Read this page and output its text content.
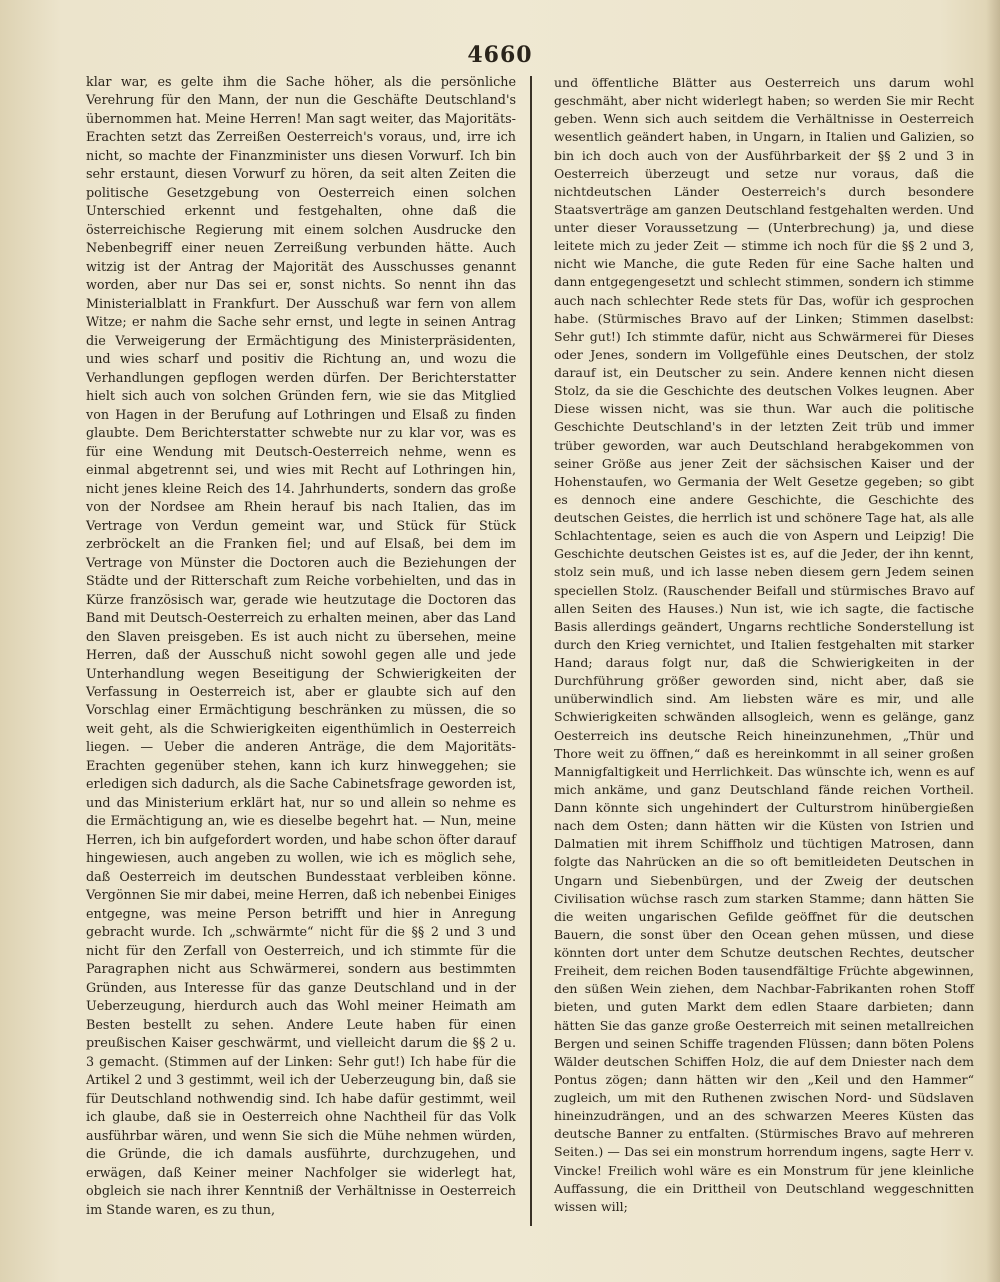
4660

klar war, es gelte ihm die Sache höher, als die persönliche Verehrung für den Mann, der nun die Geschäfte Deutschland's übernommen hat. Meine Herren! Man sagt weiter, das Majoritäts-Erachten setzt das Zerreißen Oesterreich's voraus, und, irre ich nicht, so machte der Finanzminister uns diesen Vorwurf. Ich bin sehr erstaunt, diesen Vorwurf zu hören, da seit alten Zeiten die politische Gesetzgebung von Oesterreich einen solchen Unterschied erkennt und festgehalten, ohne daß die österreichische Regierung mit einem solchen Ausdrucke den Nebenbegriff einer neuen Zerreißung verbunden hätte. Auch witzig ist der Antrag der Majorität des Ausschusses genannt worden, aber nur Das sei er, sonst nichts. So nennt ihn das Ministerialblatt in Frankfurt. Der Ausschuß war fern von allem Witze; er nahm die Sache sehr ernst, und legte in seinen Antrag die Verweigerung der Ermächtigung des Ministerpräsidenten, und wies scharf und positiv die Richtung an, und wozu die Verhandlungen gepflogen werden dürfen. Der Berichterstatter hielt sich auch von solchen Gründen fern, wie sie das Mitglied von Hagen in der Berufung auf Lothringen und Elsaß zu finden glaubte. Dem Berichterstatter schwebte nur zu klar vor, was es für eine Wendung mit Deutsch-Oesterreich nehme, wenn es einmal abgetrennt sei, und wies mit Recht auf Lothringen hin, nicht jenes kleine Reich des 14. Jahrhunderts, sondern das große von der Nordsee am Rhein herauf bis nach Italien, das im Vertrage von Verdun gemeint war, und Stück für Stück zerbröckelt an die Franken fiel; und auf Elsaß, bei dem im Vertrage von Münster die Doctoren auch die Beziehungen der Städte und der Ritterschaft zum Reiche vorbehielten, und das in Kürze französisch war, gerade wie heutzutage die Doctoren das Band mit Deutsch-Oesterreich zu erhalten meinen, aber das Land den Slaven preisgeben. Es ist auch nicht zu übersehen, meine Herren, daß der Ausschuß nicht sowohl gegen alle und jede Unterhandlung wegen Beseitigung der Schwierigkeiten der Verfassung in Oesterreich ist, aber er glaubte sich auf den Vorschlag einer Ermächtigung beschränken zu müssen, die so weit geht, als die Schwierigkeiten eigenthümlich in Oesterreich liegen. — Ueber die anderen Anträge, die dem Majoritäts-Erachten gegenüber stehen, kann ich kurz hinweggehen; sie erledigen sich dadurch, als die Sache Cabinetsfrage geworden ist, und das Ministerium erklärt hat, nur so und allein so nehme es die Ermächtigung an, wie es dieselbe begehrt hat. — Nun, meine Herren, ich bin aufgefordert worden, und habe schon öfter darauf hingewiesen, auch angeben zu wollen, wie ich es möglich sehe, daß Oesterreich im deutschen Bundesstaat verbleiben könne. Vergönnen Sie mir dabei, meine Herren, daß ich nebenbei Einiges entgegne, was meine Person betrifft und hier in Anregung gebracht wurde. Ich „schwärmte“ nicht für die §§ 2 und 3 und nicht für den Zerfall von Oesterreich, und ich stimmte für die Paragraphen nicht aus Schwärmerei, sondern aus bestimmten Gründen, aus Interesse für das ganze Deutschland und in der Ueberzeugung, hierdurch auch das Wohl meiner Heimath am Besten bestellt zu sehen. Andere Leute haben für einen preußischen Kaiser geschwärmt, und vielleicht darum die §§ 2 u. 3 gemacht. (Stimmen auf der Linken: Sehr gut!) Ich habe für die Artikel 2 und 3 gestimmt, weil ich der Ueberzeugung bin, daß sie für Deutschland nothwendig sind. Ich habe dafür gestimmt, weil ich glaube, daß sie in Oesterreich ohne Nachtheil für das Volk ausführbar wären, und wenn Sie sich die Mühe nehmen würden, die Gründe, die ich damals ausführte, durchzugehen, und erwägen, daß Keiner meiner Nachfolger sie widerlegt hat, obgleich sie nach ihrer Kenntniß der Verhältnisse in Oesterreich im Stande waren, es zu thun,

und öffentliche Blätter aus Oesterreich uns darum wohl geschmäht, aber nicht widerlegt haben; so werden Sie mir Recht geben. Wenn sich auch seitdem die Verhältnisse in Oesterreich wesentlich geändert haben, in Ungarn, in Italien und Galizien, so bin ich doch auch von der Ausführbarkeit der §§ 2 und 3 in Oesterreich überzeugt und setze nur voraus, daß die nichtdeutschen Länder Oesterreich's durch besondere Staatsverträge am ganzen Deutschland festgehalten werden. Und unter dieser Voraussetzung — (Unterbrechung) ja, und diese leitete mich zu jeder Zeit — stimme ich noch für die §§ 2 und 3, nicht wie Manche, die gute Reden für eine Sache halten und dann entgegengesetzt und schlecht stimmen, sondern ich stimme auch nach schlechter Rede stets für Das, wofür ich gesprochen habe. (Stürmisches Bravo auf der Linken; Stimmen daselbst: Sehr gut!) Ich stimmte dafür, nicht aus Schwärmerei für Dieses oder Jenes, sondern im Vollgefühle eines Deutschen, der stolz darauf ist, ein Deutscher zu sein. Andere kennen nicht diesen Stolz, da sie die Geschichte des deutschen Volkes leugnen. Aber Diese wissen nicht, was sie thun. War auch die politische Geschichte Deutschland's in der letzten Zeit trüb und immer trüber geworden, war auch Deutschland herabgekommen von seiner Größe aus jener Zeit der sächsischen Kaiser und der Hohenstaufen, wo Germania der Welt Gesetze gegeben; so gibt es dennoch eine andere Geschichte, die Geschichte des deutschen Geistes, die herrlich ist und schönere Tage hat, als alle Schlachtentage, seien es auch die von Aspern und Leipzig! Die Geschichte deutschen Geistes ist es, auf die Jeder, der ihn kennt, stolz sein muß, und ich lasse neben diesem gern Jedem seinen speciellen Stolz. (Rauschender Beifall und stürmisches Bravo auf allen Seiten des Hauses.) Nun ist, wie ich sagte, die factische Basis allerdings geändert, Ungarns rechtliche Sonderstellung ist durch den Krieg vernichtet, und Italien festgehalten mit starker Hand; daraus folgt nur, daß die Schwierigkeiten in der Durchführung größer geworden sind, nicht aber, daß sie unüberwindlich sind. Am liebsten wäre es mir, und alle Schwierigkeiten schwänden allsogleich, wenn es gelänge, ganz Oesterreich ins deutsche Reich hineinzunehmen, „Thür und Thore weit zu öffnen,“ daß es hereinkommt in all seiner großen Mannigfaltigkeit und Herrlichkeit. Das wünschte ich, wenn es auf mich ankäme, und ganz Deutschland fände reichen Vortheil. Dann könnte sich ungehindert der Culturstrom hinübergießen nach dem Osten; dann hätten wir die Küsten von Istrien und Dalmatien mit ihrem Schiffholz und tüchtigen Matrosen, dann folgte das Nahrücken an die so oft bemitleideten Deutschen in Ungarn und Siebenbürgen, und der Zweig der deutschen Civilisation wüchse rasch zum starken Stamme; dann hätten Sie die weiten ungarischen Gefilde geöffnet für die deutschen Bauern, die sonst über den Ocean gehen müssen, und diese könnten dort unter dem Schutze deutschen Rechtes, deutscher Freiheit, dem reichen Boden tausendfältige Früchte abgewinnen, den süßen Wein ziehen, dem Nachbar-Fabrikanten rohen Stoff bieten, und guten Markt dem edlen Staare darbieten; dann hätten Sie das ganze große Oesterreich mit seinen metallreichen Bergen und seinen Schiffe tragenden Flüssen; dann böten Polens Wälder deutschen Schiffen Holz, die auf dem Dniester nach dem Pontus zögen; dann hätten wir den „Keil und den Hammer“ zugleich, um mit den Ruthenen zwischen Nord- und Südslaven hineinzudrängen, und an des schwarzen Meeres Küsten das deutsche Banner zu entfalten. (Stürmisches Bravo auf mehreren Seiten.) — Das sei ein monstrum horrendum ingens, sagte Herr v. Vincke! Freilich wohl wäre es ein Monstrum für jene kleinliche Auffassung, die ein Drittheil von Deutschland weggeschnitten wissen will;
